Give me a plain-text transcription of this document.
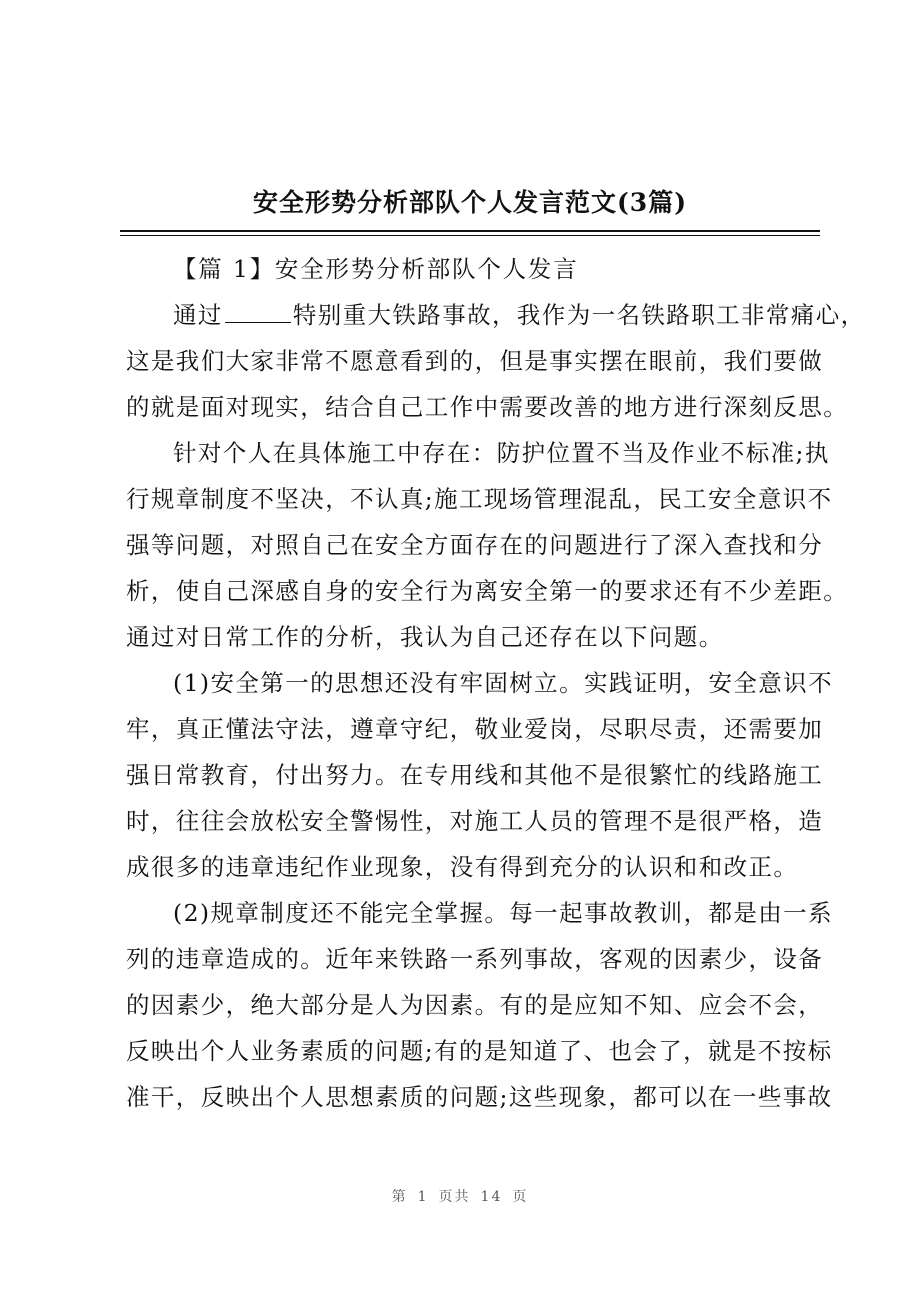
安全形势分析部队个人发言范文(3篇)

【篇 1】安全形势分析部队个人发言

通过	特别重大铁路事故，我作为一名铁路职工非常痛心，
这是我们大家非常不愿意看到的，但是事实摆在眼前，我们要做
的就是面对现实，结合自己工作中需要改善的地方进行深刻反思。

针对个人在具体施工中存在：防护位置不当及作业不标准;执
行规章制度不坚决，不认真;施工现场管理混乱，民工安全意识不
强等问题，对照自己在安全方面存在的问题进行了深入查找和分
析，使自己深感自身的安全行为离安全第一的要求还有不少差距。
通过对日常工作的分析，我认为自己还存在以下问题。

(1)安全第一的思想还没有牢固树立。实践证明，安全意识不
牢，真正懂法守法，遵章守纪，敬业爱岗，尽职尽责，还需要加
强日常教育，付出努力。在专用线和其他不是很繁忙的线路施工
时，往往会放松安全警惕性，对施工人员的管理不是很严格，造
成很多的违章违纪作业现象，没有得到充分的认识和和改正。

(2)规章制度还不能完全掌握。每一起事故教训，都是由一系
列的违章造成的。近年来铁路一系列事故，客观的因素少，设备
的因素少，绝大部分是人为因素。有的是应知不知、应会不会，
反映出个人业务素质的问题;有的是知道了、也会了，就是不按标
准干，反映出个人思想素质的问题;这些现象，都可以在一些事故

第 1 页共 14 页
